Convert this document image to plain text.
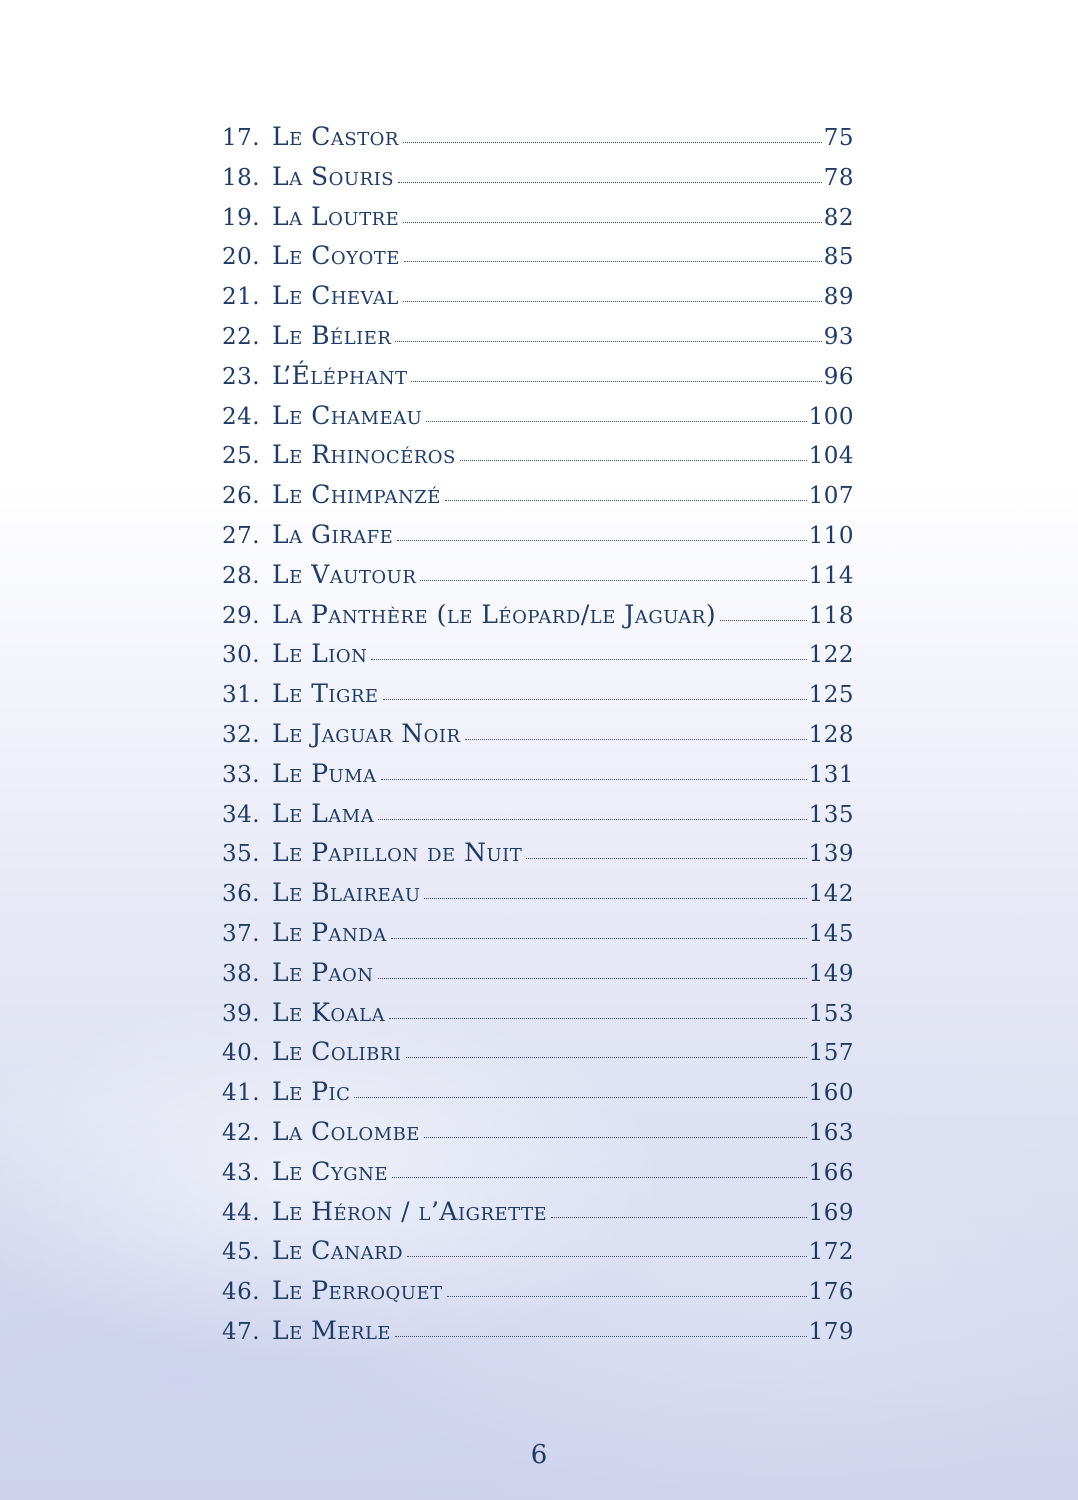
17. Le Castor	75
18. La Souris	78
19. La Loutre	82
20. Le Coyote	85
21. Le Cheval	89
22. Le Bélier	93
23. L’Éléphant	96
24. Le Chameau	100
25. Le Rhinocéros	104
26. Le Chimpanzé	107
27. La Girafe	110
28. Le Vautour	114
29. La Panthère (le Léopard/le Jaguar)	118
30. Le Lion	122
31. Le Tigre	125
32. Le Jaguar Noir	128
33. Le Puma	131
34. Le Lama	135
35. Le Papillon de Nuit	139
36. Le Blaireau	142
37. Le Panda	145
38. Le Paon	149
39. Le Koala	153
40. Le Colibri	157
41. Le Pic	160
42. La Colombe	163
43. Le Cygne	166
44. Le Héron / l’Aigrette	169
45. Le Canard	172
46. Le Perroquet	176
47. Le Merle	179
6
